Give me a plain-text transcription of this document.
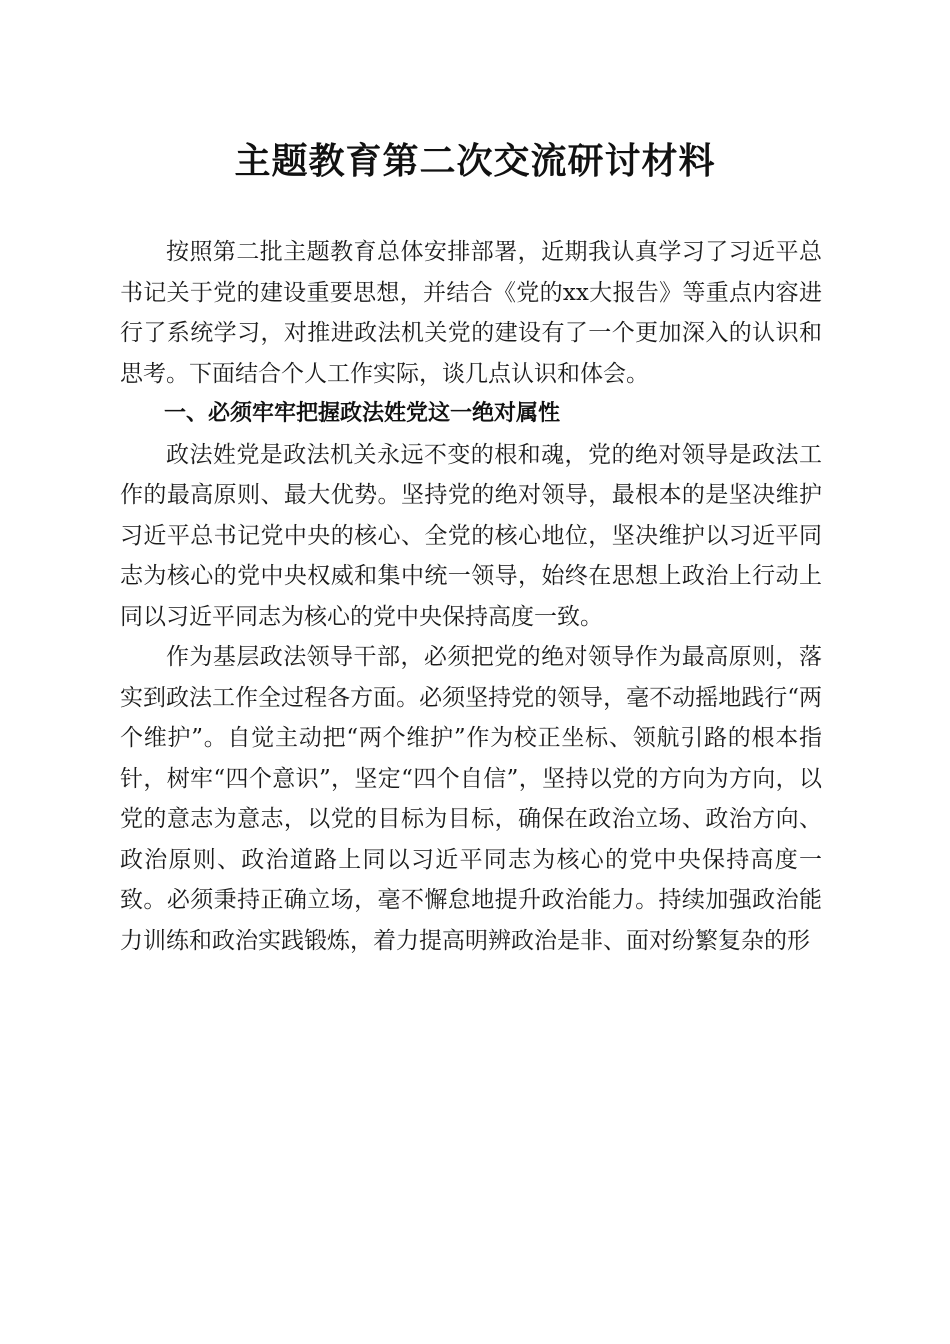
主题教育第二次交流研讨材料

按照第二批主题教育总体安排部署，近期我认真学习了习近平总书记关于党的建设重要思想，并结合《党的xx大报告》等重点内容进行了系统学习，对推进政法机关党的建设有了一个更加深入的认识和思考。下面结合个人工作实际，谈几点认识和体会。

一、必须牢牢把握政法姓党这一绝对属性

政法姓党是政法机关永远不变的根和魂，党的绝对领导是政法工作的最高原则、最大优势。坚持党的绝对领导，最根本的是坚决维护习近平总书记党中央的核心、全党的核心地位，坚决维护以习近平同志为核心的党中央权威和集中统一领导，始终在思想上政治上行动上同以习近平同志为核心的党中央保持高度一致。

作为基层政法领导干部，必须把党的绝对领导作为最高原则，落实到政法工作全过程各方面。必须坚持党的领导，毫不动摇地践行“两个维护”。自觉主动把“两个维护”作为校正坐标、领航引路的根本指针，树牢“四个意识”，坚定“四个自信”，坚持以党的方向为方向，以党的意志为意志，以党的目标为目标，确保在政治立场、政治方向、政治原则、政治道路上同以习近平同志为核心的党中央保持高度一致。必须秉持正确立场，毫不懈怠地提升政治能力。持续加强政治能力训练和政治实践锻炼，着力提高明辨政治是非、面对纷繁复杂的形
